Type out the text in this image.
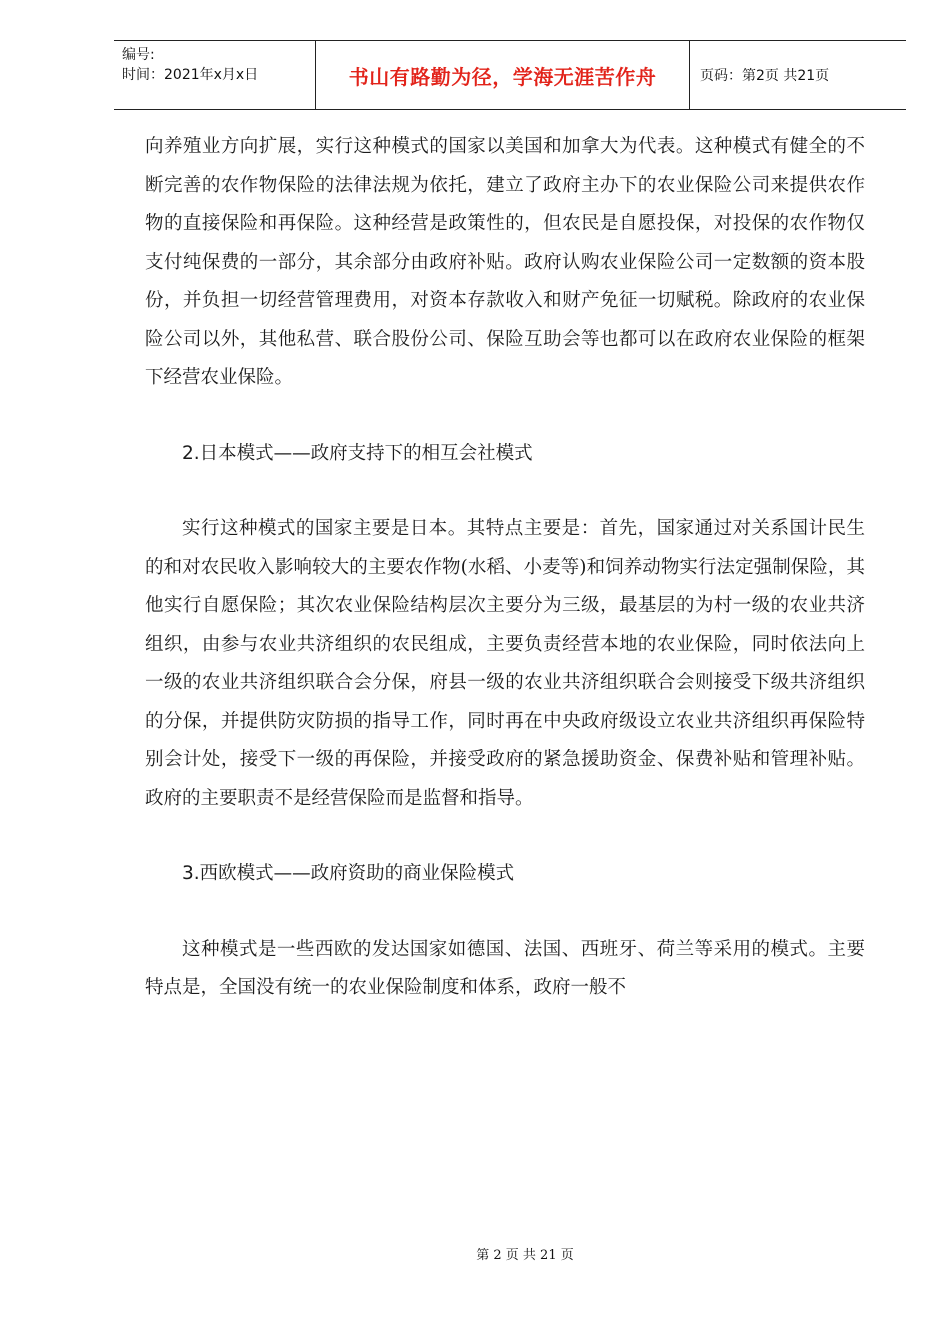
编号:
时间：2021年x月x日	书山有路勤为径，学海无涯苦作舟	页码：第2页 共21页

向养殖业方向扩展，实行这种模式的国家以美国和加拿大为代表。这种模式有健全的不断完善的农作物保险的法律法规为依托，建立了政府主办下的农业保险公司来提供农作物的直接保险和再保险。这种经营是政策性的，但农民是自愿投保，对投保的农作物仅支付纯保费的一部分，其余部分由政府补贴。政府认购农业保险公司一定数额的资本股份，并负担一切经营管理费用，对资本存款收入和财产免征一切赋税。除政府的农业保险公司以外，其他私营、联合股份公司、保险互助会等也都可以在政府农业保险的框架下经营农业保险。

2.日本模式——政府支持下的相互会社模式

实行这种模式的国家主要是日本。其特点主要是：首先，国家通过对关系国计民生的和对农民收入影响较大的主要农作物(水稻、小麦等)和饲养动物实行法定强制保险，其他实行自愿保险；其次农业保险结构层次主要分为三级，最基层的为村一级的农业共济组织，由参与农业共济组织的农民组成，主要负责经营本地的农业保险，同时依法向上一级的农业共济组织联合会分保，府县一级的农业共济组织联合会则接受下级共济组织的分保，并提供防灾防损的指导工作，同时再在中央政府级设立农业共济组织再保险特别会计处，接受下一级的再保险，并接受政府的紧急援助资金、保费补贴和管理补贴。政府的主要职责不是经营保险而是监督和指导。

3.西欧模式——政府资助的商业保险模式

这种模式是一些西欧的发达国家如德国、法国、西班牙、荷兰等采用的模式。主要特点是，全国没有统一的农业保险制度和体系，政府一般不

第 2 页 共 21 页
